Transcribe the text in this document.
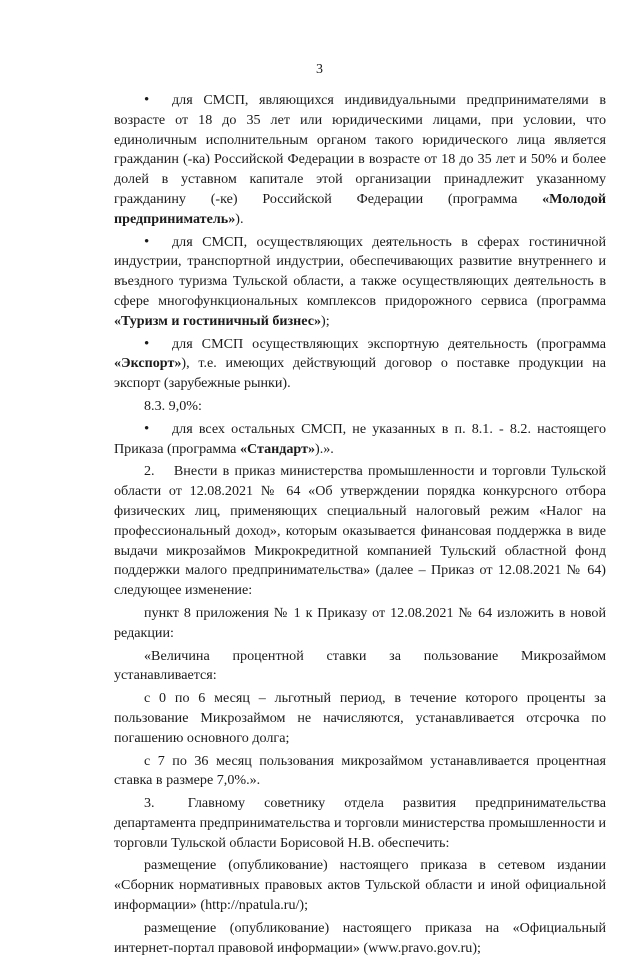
3

•для СМСП, являющихся индивидуальными предпринимателями в возрасте от 18 до 35 лет или юридическими лицами, при условии, что единоличным исполнительным органом такого юридического лица является гражданин (-ка) Российской Федерации в возрасте от 18 до 35 лет и 50% и более долей в уставном капитале этой организации принадлежит указанному гражданину (-ке) Российской Федерации (программа «Молодой предприниматель»).

•для СМСП, осуществляющих деятельность в сферах гостиничной индустрии, транспортной индустрии, обеспечивающих развитие внутреннего и въездного туризма Тульской области, а также осуществляющих деятельность в сфере многофункциональных комплексов придорожного сервиса (программа «Туризм и гостиничный бизнес»);

•для СМСП осуществляющих экспортную деятельность (программа «Экспорт»), т.е. имеющих действующий договор о поставке продукции на экспорт (зарубежные рынки).

8.3. 9,0%:

•для всех остальных СМСП, не указанных в п. 8.1. - 8.2. настоящего Приказа (программа «Стандарт»).».

2.  Внести в приказ министерства промышленности и торговли Тульской области от 12.08.2021 № 64 «Об утверждении порядка конкурсного отбора физических лиц, применяющих специальный налоговый режим «Налог на профессиональный доход», которым оказывается финансовая поддержка в виде выдачи микрозаймов Микрокредитной компанией Тульский областной фонд поддержки малого предпринимательства» (далее – Приказ от 12.08.2021 № 64) следующее изменение:

пункт 8 приложения № 1 к Приказу от 12.08.2021 № 64 изложить в новой редакции:

«Величина процентной ставки за пользование Микрозаймом устанавливается:

с 0 по 6 месяц – льготный период, в течение которого проценты за пользование Микрозаймом не начисляются, устанавливается отсрочка по погашению основного долга;

с 7 по 36 месяц пользования микрозаймом устанавливается процентная ставка в размере 7,0%.».

3.  Главному советнику отдела развития предпринимательства департамента предпринимательства и торговли министерства промышленности и торговли Тульской области Борисовой Н.В. обеспечить:

размещение (опубликование) настоящего приказа в сетевом издании «Сборник нормативных правовых актов Тульской области и иной официальной информации» (http://npatula.ru/);

размещение (опубликование) настоящего приказа на «Официальный интернет-портал правовой информации» (www.pravo.gov.ru);
